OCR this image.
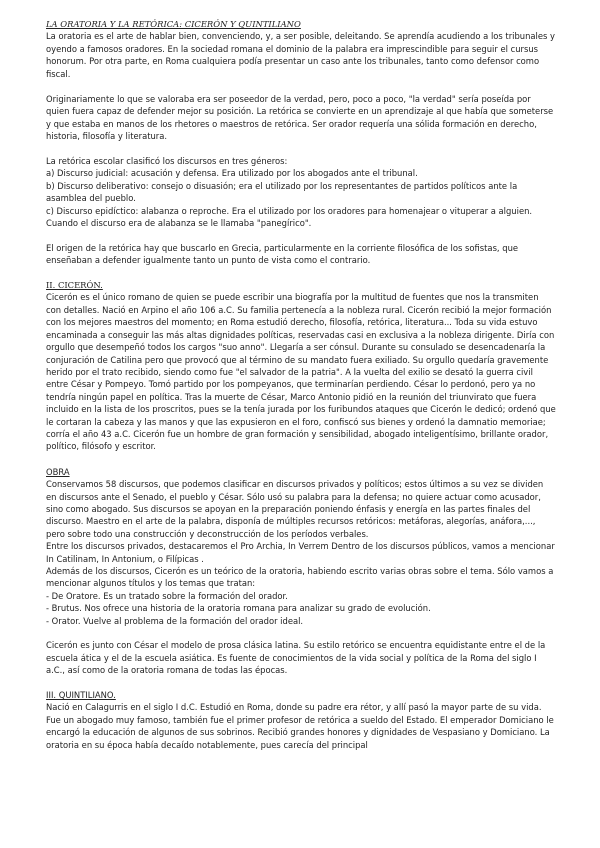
LA ORATORIA Y LA RETÓRICA: CICERÓN Y QUINTILIANO

La oratoria es el arte de hablar bien, convenciendo, y, a ser posible, deleitando. Se aprendía acudiendo a los tribunales y oyendo a famosos oradores. En la sociedad romana el dominio de la palabra era imprescindible para seguir el cursus honorum. Por otra parte, en Roma cualquiera podía presentar un caso ante los tribunales, tanto como defensor como fiscal.

Originariamente lo que se valoraba era ser poseedor de la verdad, pero, poco a poco, "la verdad" sería poseída por quien fuera capaz de defender mejor su posición. La retórica se convierte en un aprendizaje al que había que someterse y que estaba en manos de los rhetores o maestros de retórica. Ser orador requería una sólida formación en derecho, historia, filosofía y literatura.

La retórica escolar clasificó los discursos en tres géneros:

a) Discurso judicial: acusación y defensa. Era utilizado por los abogados ante el tribunal.

b) Discurso deliberativo: consejo o disuasión; era el utilizado por los representantes de partidos políticos ante la asamblea del pueblo.

c) Discurso epidíctico: alabanza o reproche. Era el utilizado por los oradores para homenajear o vituperar a alguien. Cuando el discurso era de alabanza se le llamaba "panegírico".

El origen de la retórica hay que buscarlo en Grecia, particularmente en la corriente filosófica de los sofistas, que enseñaban a defender igualmente tanto un punto de vista como el contrario.

II. CICERÓN.

Cicerón es el único romano de quien se puede escribir una biografía por la multitud de fuentes que nos la transmiten con detalles. Nació en Arpino el año 106 a.C. Su familia pertenecía a la nobleza rural. Cicerón recibió la mejor formación con los mejores maestros del momento; en Roma estudió derecho, filosofía, retórica, literatura... Toda su vida estuvo encaminada a conseguir las más altas dignidades políticas, reservadas casi en exclusiva a la nobleza dirigente. Diría con orgullo que desempeñó todos los cargos "suo anno". Llegaría a ser cónsul. Durante su consulado se desencadenaría la conjuración de Catilina pero que provocó que al término de su mandato fuera exiliado. Su orgullo quedaría gravemente herido por el trato recibido, siendo como fue "el salvador de la patria". A la vuelta del exilio se desató la guerra civil entre César y Pompeyo. Tomó partido por los pompeyanos, que terminarían perdiendo. César lo perdonó, pero ya no tendría ningún papel en política. Tras la muerte de César, Marco Antonio pidió en la reunión del triunvirato que fuera incluido en la lista de los proscritos, pues se la tenía jurada por los furibundos ataques que Cicerón le dedicó; ordenó que le cortaran la cabeza y las manos y que las expusieron en el foro, confiscó sus bienes y ordenó la damnatio memoriae; corría el año 43 a.C. Cicerón fue un hombre de gran formación y sensibilidad, abogado inteligentísimo, brillante orador, político, filósofo y escritor.

OBRA

Conservamos 58 discursos, que podemos clasificar en discursos privados y políticos; estos últimos a su vez se dividen en discursos ante el Senado, el pueblo y César. Sólo usó su palabra para la defensa; no quiere actuar como acusador, sino como abogado. Sus discursos se apoyan en la preparación poniendo énfasis y energía en las partes finales del discurso. Maestro en el arte de la palabra, disponía de múltiples recursos retóricos: metáforas, alegorías, anáfora,..., pero sobre todo una construcción y deconstrucción de los períodos verbales.

Entre los discursos privados, destacaremos el Pro Archia, In Verrem Dentro de los discursos públicos, vamos a mencionar In Catilinam, In Antonium, o Filípicas .

Además de los discursos, Cicerón es un teórico de la oratoria, habiendo escrito varias obras sobre el tema. Sólo vamos a mencionar algunos títulos y los temas que tratan:

- De Oratore. Es un tratado sobre la formación del orador.

- Brutus. Nos ofrece una historia de la oratoria romana para analizar su grado de evolución.

- Orator. Vuelve al problema de la formación del orador ideal.

Cicerón es junto con César el modelo de prosa clásica latina. Su estilo retórico se encuentra equidistante entre el de la escuela ática y el de la escuela asiática. Es fuente de conocimientos de la vida social y política de la Roma del siglo I a.C., así como de la oratoria romana de todas las épocas.

III. QUINTILIANO.

Nació en Calagurris en el siglo I d.C. Estudió en Roma, donde su padre era rétor, y allí pasó la mayor parte de su vida. Fue un abogado muy famoso, también fue el primer profesor de retórica a sueldo del Estado. El emperador Domiciano le encargó la educación de algunos de sus sobrinos. Recibió grandes honores y dignidades de Vespasiano y Domiciano. La oratoria en su época había decaído notablemente, pues carecía del principal
